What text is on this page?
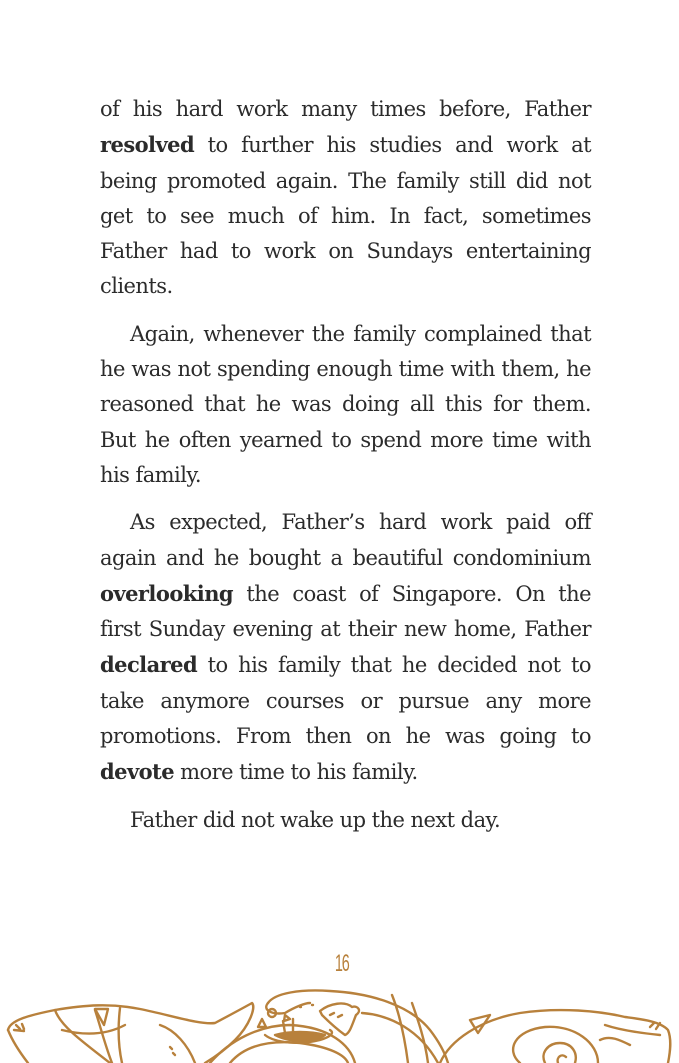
of his hard work many times before, Father resolved to further his studies and work at being promoted again. The family still did not get to see much of him. In fact, sometimes Father had to work on Sundays entertaining clients.

Again, whenever the family complained that he was not spending enough time with them, he reasoned that he was doing all this for them. But he often yearned to spend more time with his family.

As expected, Father’s hard work paid off again and he bought a beautiful condominium overlooking the coast of Singapore. On the first Sunday evening at their new home, Father declared to his family that he decided not to take anymore courses or pursue any more promotions. From then on he was going to devote more time to his family.

Father did not wake up the next day.

16
